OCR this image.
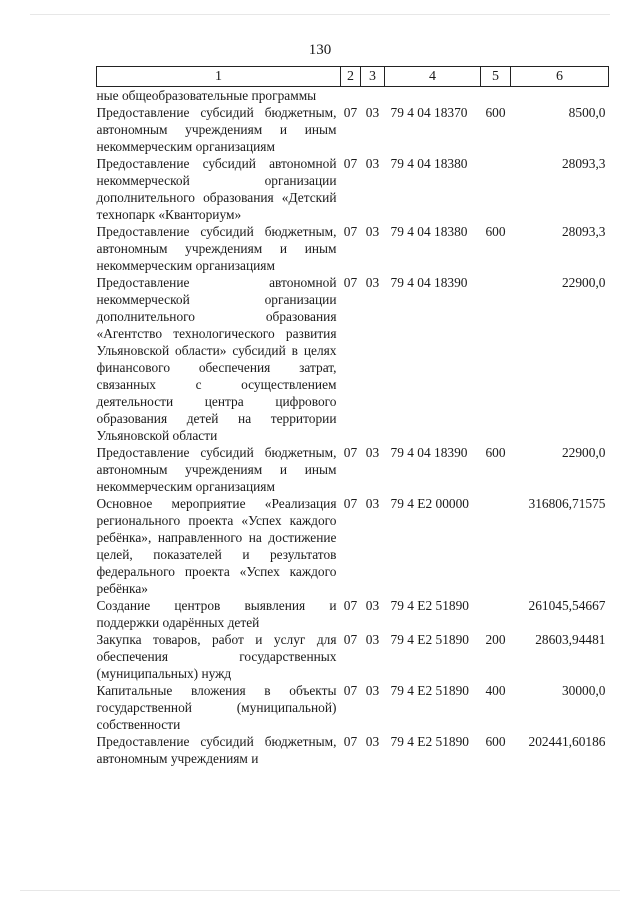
130
1	2	3	4	5	6
ные общеобразовательные программы					
Предоставление субсидий бюджетным, автономным учреждениям и иным некоммерческим организациям	07	03	79 4 04 18370	600	8500,0
Предоставление субсидий автономной некоммерческой организации дополнительного образования «Детский технопарк «Кванториум»	07	03	79 4 04 18380		28093,3
Предоставление субсидий бюджетным, автономным учреждениям и иным некоммерческим организациям	07	03	79 4 04 18380	600	28093,3
Предоставление автономной некоммерческой организации дополнительного образования «Агентство технологического развития Ульяновской области» субсидий в целях финансового обеспечения затрат, связанных с осуществлением деятельности центра цифрового образования детей на территории Ульяновской области	07	03	79 4 04 18390		22900,0
Предоставление субсидий бюджетным, автономным учреждениям и иным некоммерческим организациям	07	03	79 4 04 18390	600	22900,0
Основное мероприятие «Реализация регионального проекта «Успех каждого ребёнка», направленного на достижение целей, показателей и результатов федерального проекта «Успех каждого ребёнка»	07	03	79 4 E2 00000		316806,71575
Создание центров выявления и поддержки одарённых детей	07	03	79 4 E2 51890		261045,54667
Закупка товаров, работ и услуг для обеспечения государственных (муниципальных) нужд	07	03	79 4 E2 51890	200	28603,94481
Капитальные вложения в объекты государственной (муниципальной) собственности	07	03	79 4 E2 51890	400	30000,0
Предоставление субсидий бюджетным, автономным учреждениям и	07	03	79 4 E2 51890	600	202441,60186
